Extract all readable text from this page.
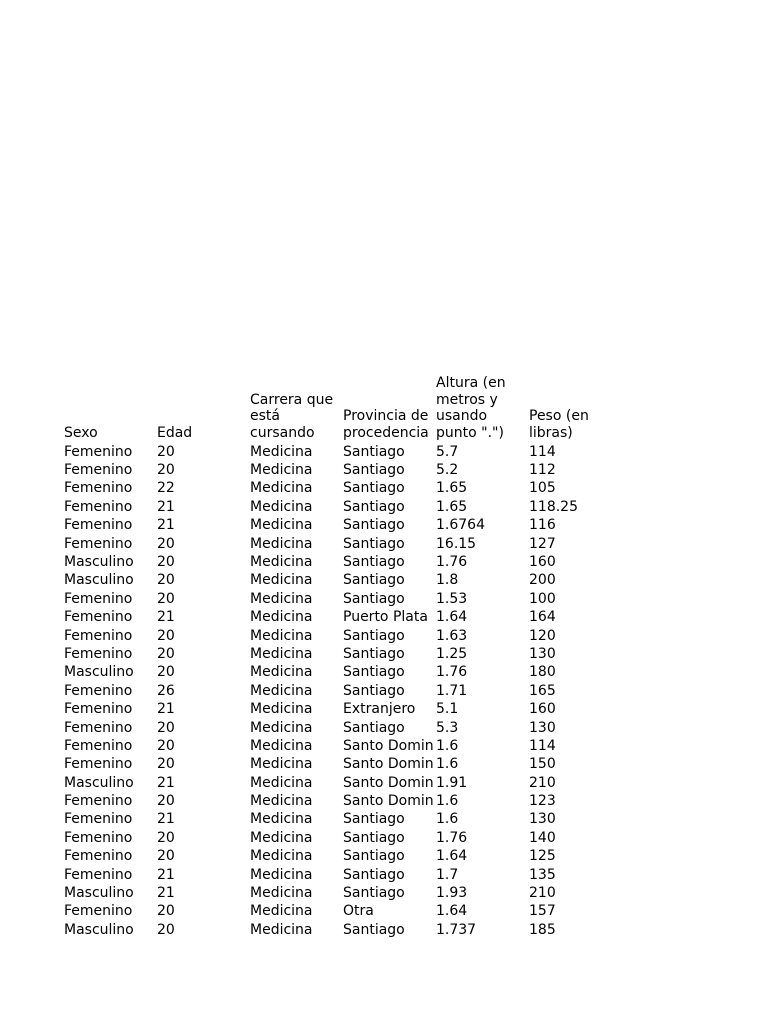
Sexo	Edad	Carrera que está cursando	Provincia de procedencia	Altura (en metros y usando punto ".")	Peso (en libras)
Femenino	20	Medicina	Santiago	5.7	114
Femenino	20	Medicina	Santiago	5.2	112
Femenino	22	Medicina	Santiago	1.65	105
Femenino	21	Medicina	Santiago	1.65	118.25
Femenino	21	Medicina	Santiago	1.6764	116
Femenino	20	Medicina	Santiago	16.15	127
Masculino	20	Medicina	Santiago	1.76	160
Masculino	20	Medicina	Santiago	1.8	200
Femenino	20	Medicina	Santiago	1.53	100
Femenino	21	Medicina	Puerto Plata	1.64	164
Femenino	20	Medicina	Santiago	1.63	120
Femenino	20	Medicina	Santiago	1.25	130
Masculino	20	Medicina	Santiago	1.76	180
Femenino	26	Medicina	Santiago	1.71	165
Femenino	21	Medicina	Extranjero	5.1	160
Femenino	20	Medicina	Santiago	5.3	130
Femenino	20	Medicina	Santo Domin	1.6	114
Femenino	20	Medicina	Santo Domin	1.6	150
Masculino	21	Medicina	Santo Domin	1.91	210
Femenino	20	Medicina	Santo Domin	1.6	123
Femenino	21	Medicina	Santiago	1.6	130
Femenino	20	Medicina	Santiago	1.76	140
Femenino	20	Medicina	Santiago	1.64	125
Femenino	21	Medicina	Santiago	1.7	135
Masculino	21	Medicina	Santiago	1.93	210
Femenino	20	Medicina	Otra	1.64	157
Masculino	20	Medicina	Santiago	1.737	185
